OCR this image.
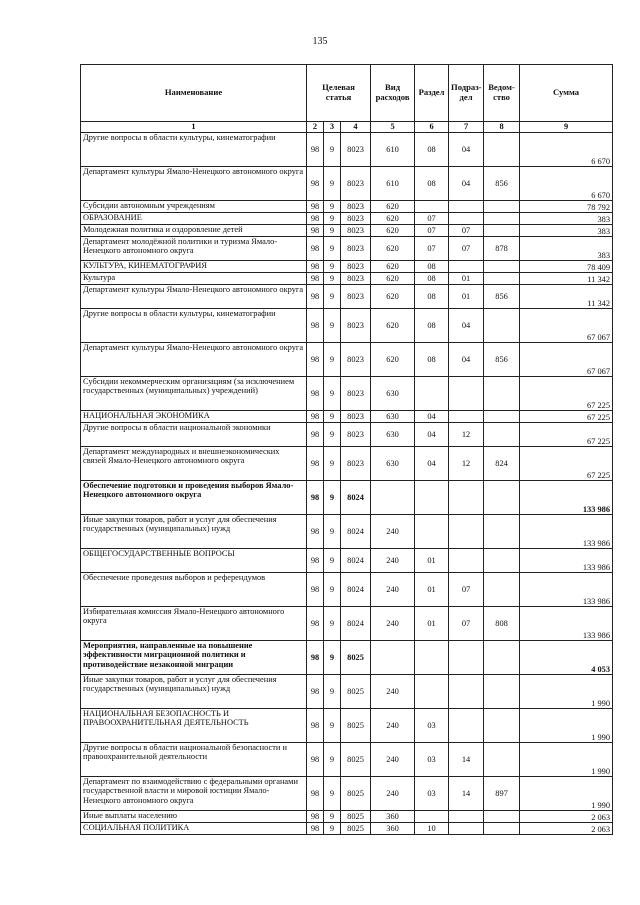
135
Наименование	Целевая статья			Вид расходов	Раздел	Подраз-дел	Ведом-ство	Сумма
1	2	3	4	5	6	7	8	9
Другие вопросы в области культуры, кинематографии	98	9	8023	610	08	04		6 670
Департамент культуры Ямало-Ненецкого автономного округа	98	9	8023	610	08	04	856	6 670
Субсидии автономным учреждениям	98	9	8023	620				78 792
ОБРАЗОВАНИЕ	98	9	8023	620	07			383
Молодежная политика и оздоровление детей	98	9	8023	620	07	07		383
Департамент молодёжной политики и туризма Ямало-Ненецкого автономного округа	98	9	8023	620	07	07	878	383
КУЛЬТУРА, КИНЕМАТОГРАФИЯ	98	9	8023	620	08			78 409
Культура	98	9	8023	620	08	01		11 342
Департамент культуры Ямало-Ненецкого автономного округа	98	9	8023	620	08	01	856	11 342
Другие вопросы в области культуры, кинематографии	98	9	8023	620	08	04		67 067
Департамент культуры Ямало-Ненецкого автономного округа	98	9	8023	620	08	04	856	67 067
Субсидии некоммерческим организациям (за исключением государственных (муниципальных) учреждений)	98	9	8023	630				67 225
НАЦИОНАЛЬНАЯ ЭКОНОМИКА	98	9	8023	630	04			67 225
Другие вопросы в области национальной экономики	98	9	8023	630	04	12		67 225
Департамент международных и внешнеэкономических связей Ямало-Ненецкого автономного округа	98	9	8023	630	04	12	824	67 225
Обеспечение подготовки и проведения выборов Ямало-Ненецкого автономного округа	98	9	8024					133 986
Иные закупки товаров, работ и услуг для обеспечения государственных (муниципальных) нужд	98	9	8024	240				133 986
ОБЩЕГОСУДАРСТВЕННЫЕ ВОПРОСЫ	98	9	8024	240	01			133 986
Обеспечение проведения выборов и референдумов	98	9	8024	240	01	07		133 986
Избирательная комиссия Ямало-Ненецкого автономного округа	98	9	8024	240	01	07	808	133 986
Мероприятия, направленные на повышение эффективности миграционной политики и противодействие незаконной миграции	98	9	8025					4 053
Иные закупки товаров, работ и услуг для обеспечения государственных (муниципальных) нужд	98	9	8025	240				1 990
НАЦИОНАЛЬНАЯ БЕЗОПАСНОСТЬ И ПРАВООХРАНИТЕЛЬНАЯ ДЕЯТЕЛЬНОСТЬ	98	9	8025	240	03			1 990
Другие вопросы в области национальной безопасности и правоохранительной деятельности	98	9	8025	240	03	14		1 990
Департамент по взаимодействию с федеральными органами государственной власти и мировой юстиции Ямало-Ненецкого автономного округа	98	9	8025	240	03	14	897	1 990
Иные выплаты населению	98	9	8025	360				2 063
СОЦИАЛЬНАЯ ПОЛИТИКА	98	9	8025	360	10			2 063
